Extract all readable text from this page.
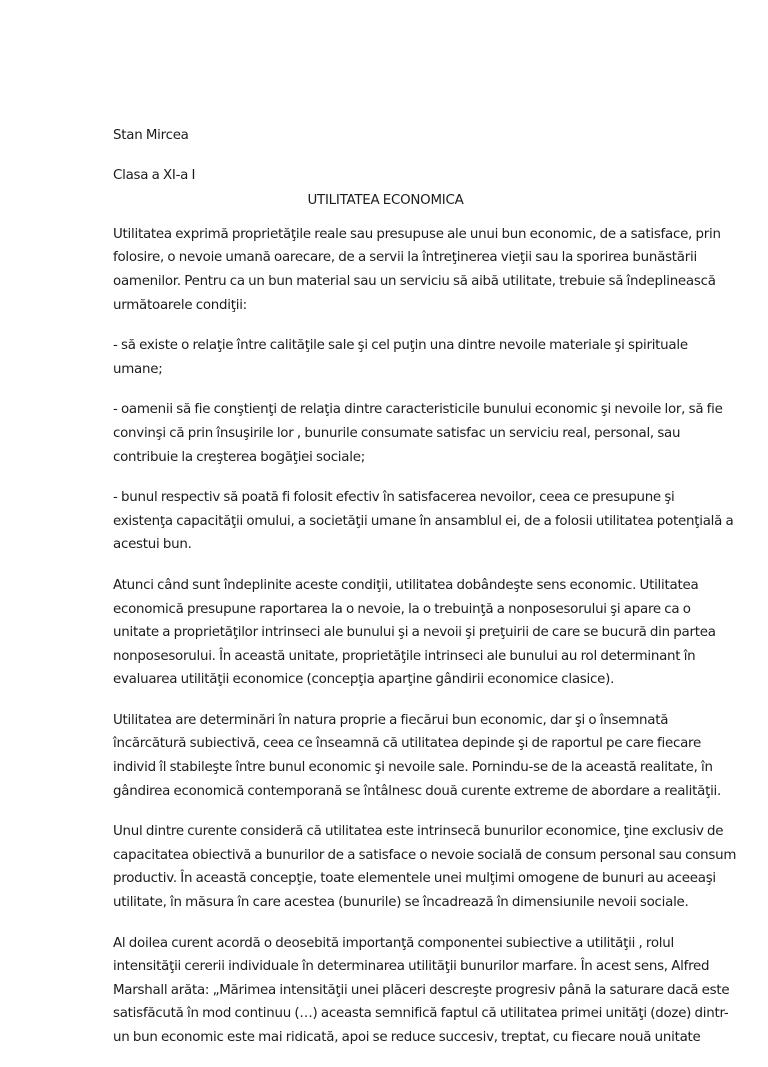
Stan Mircea

Clasa a XI-a I

UTILITATEA ECONOMICA

Utilitatea exprimă proprietăţile reale sau presupuse ale unui bun economic, de a satisface, prin
folosire, o nevoie umană oarecare, de a servii la întreţinerea vieţii sau la sporirea bunăstării
oamenilor. Pentru ca un bun material sau un serviciu să aibă utilitate, trebuie să îndeplinească
următoarele condiţii:

- să existe o relaţie între calităţile sale şi cel puţin una dintre nevoile materiale şi spirituale
umane;

- oamenii să fie conştienţi de relaţia dintre caracteristicile bunului economic şi nevoile lor, să fie
convinşi că prin însuşirile lor , bunurile consumate satisfac un serviciu real, personal, sau
contribuie la creşterea bogăţiei sociale;

- bunul respectiv să poată fi folosit efectiv în satisfacerea nevoilor, ceea ce presupune şi
existenţa capacităţii omului, a societăţii umane în ansamblul ei, de a folosii utilitatea potenţială a
acestui bun.

Atunci când sunt îndeplinite aceste condiţii, utilitatea dobândeşte sens economic. Utilitatea
economică presupune raportarea la o nevoie, la o trebuinţă a nonposesorului şi apare ca o
unitate a proprietăţilor intrinseci ale bunului şi a nevoii şi preţuirii de care se bucură din partea
nonposesorului. În această unitate, proprietăţile intrinseci ale bunului au rol determinant în
evaluarea utilităţii economice (concepţia aparţine gândirii economice clasice).

Utilitatea are determinări în natura proprie a fiecărui bun economic, dar şi o însemnată
încărcătură subiectivă, ceea ce înseamnă că utilitatea depinde şi de raportul pe care fiecare
individ îl stabileşte între bunul economic şi nevoile sale. Pornindu-se de la această realitate, în
gândirea economică contemporană se întâlnesc două curente extreme de abordare a realităţii.

Unul dintre curente consideră că utilitatea este intrinsecă bunurilor economice, ţine exclusiv de
capacitatea obiectivă a bunurilor de a satisface o nevoie socială de consum personal sau consum
productiv. În această concepţie, toate elementele unei mulţimi omogene de bunuri au aceeaşi
utilitate, în măsura în care acestea (bunurile) se încadrează în dimensiunile nevoii sociale.

Al doilea curent acordă o deosebită importanţă componentei subiective a utilităţii , rolul
intensităţii cererii individuale în determinarea utilităţii bunurilor marfare. În acest sens, Alfred
Marshall arăta: „Mărimea intensităţii unei plăceri descreşte progresiv până la saturare dacă este
satisfăcută în mod continuu (…) aceasta semnifică faptul că utilitatea primei unităţi (doze) dintr-
un bun economic este mai ridicată, apoi se reduce succesiv, treptat, cu fiecare nouă unitate
